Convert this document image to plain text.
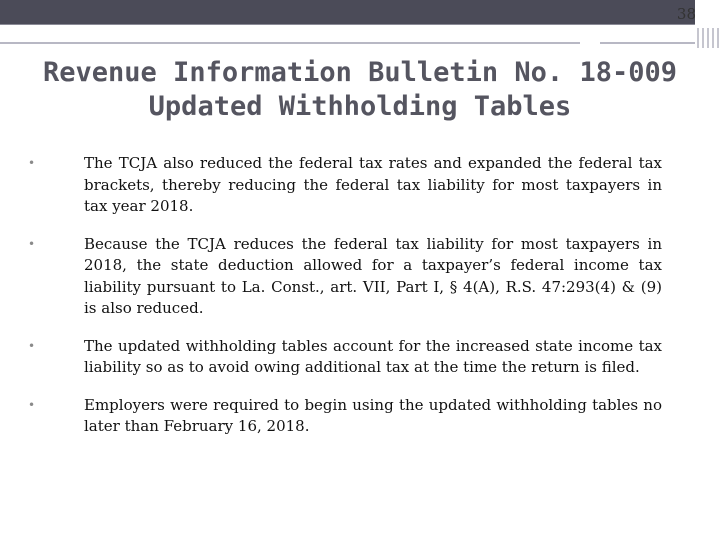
38
Revenue Information Bulletin No. 18-009
Updated Withholding Tables
•	The TCJA also reduced the federal tax rates and expanded the federal tax brackets, thereby reducing the federal tax liability for most taxpayers in tax year 2018.
•	Because the TCJA reduces the federal tax liability for most taxpayers in 2018, the state deduction allowed for a taxpayer’s federal income tax liability pursuant to La. Const., art. VII, Part I, § 4(A), R.S. 47:293(4) & (9) is also reduced.
•	The updated withholding tables account for the increased state income tax liability so as to avoid owing additional tax at the time the return is filed.
•	Employers were required to begin using the updated withholding tables no later than February 16, 2018.
